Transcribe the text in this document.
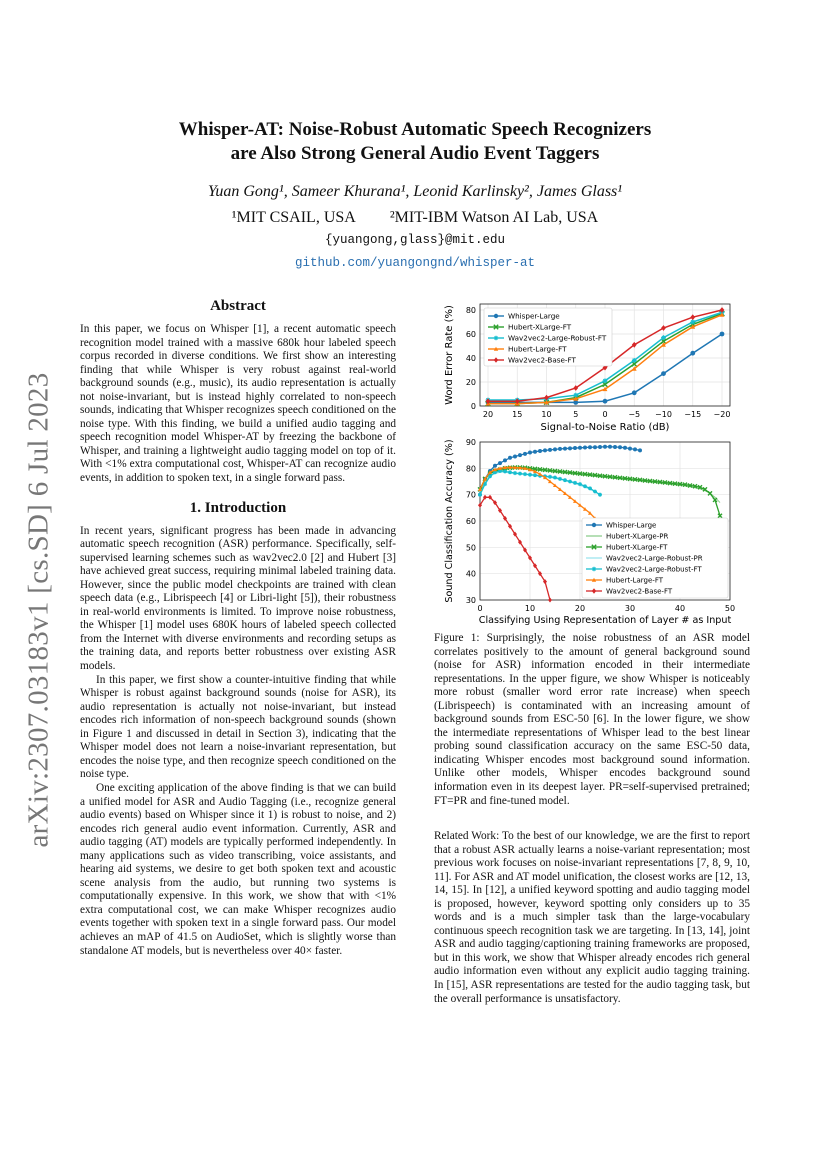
arXiv:2307.03183v1 [cs.SD] 6 Jul 2023
Whisper-AT: Noise-Robust Automatic Speech Recognizers
are Also Strong General Audio Event Taggers
Yuan Gong¹, Sameer Khurana¹, Leonid Karlinsky², James Glass¹
¹MIT CSAIL, USA ²MIT-IBM Watson AI Lab, USA
{yuangong,glass}@mit.edu
github.com/yuangongnd/whisper-at
Abstract

In this paper, we focus on Whisper [1], a recent automatic speech recognition model trained with a massive 680k hour labeled speech corpus recorded in diverse conditions. We first show an interesting finding that while Whisper is very robust against real-world background sounds (e.g., music), its audio representation is actually not noise-invariant, but is instead highly correlated to non-speech sounds, indicating that Whisper recognizes speech conditioned on the noise type. With this finding, we build a unified audio tagging and speech recognition model Whisper-AT by freezing the backbone of Whisper, and training a lightweight audio tagging model on top of it. With <1% extra computational cost, Whisper-AT can recognize audio events, in addition to spoken text, in a single forward pass.

1. Introduction

In recent years, significant progress has been made in advancing automatic speech recognition (ASR) performance. Specifically, self-supervised learning schemes such as wav2vec2.0 [2] and Hubert [3] have achieved great success, requiring minimal labeled training data. However, since the public model checkpoints are trained with clean speech data (e.g., Librispeech [4] or Libri-light [5]), their robustness in real-world environments is limited. To improve noise robustness, the Whisper [1] model uses 680K hours of labeled speech collected from the Internet with diverse environments and recording setups as the training data, and reports better robustness over existing ASR models.

In this paper, we first show a counter-intuitive finding that while Whisper is robust against background sounds (noise for ASR), its audio representation is actually not noise-invariant, but instead encodes rich information of non-speech background sounds (shown in Figure 1 and discussed in detail in Section 3), indicating that the Whisper model does not learn a noise-invariant representation, but encodes the noise type, and then recognize speech conditioned on the noise type.

One exciting application of the above finding is that we can build a unified model for ASR and Audio Tagging (i.e., recognize general audio events) based on Whisper since it 1) is robust to noise, and 2) encodes rich general audio event information. Currently, ASR and audio tagging (AT) models are typically performed independently. In many applications such as video transcribing, voice assistants, and hearing aid systems, we desire to get both spoken text and acoustic scene analysis from the audio, but running two systems is computationally expensive. In this work, we show that with <1% extra computational cost, we can make Whisper recognizes audio events together with spoken text in a single forward pass. Our model achieves an mAP of 41.5 on AudioSet, which is slightly worse than standalone AT models, but is nevertheless over 40× faster.

0
20
40
60
80
20 15 10	5	0	−5 −10 −15 −20
Signal-to-Noise Ratio (dB)
Word Error Rate (%)	Whisper-Large
Hubert-XLarge-FT
Wav2vec2-Large-Robust-FT
Hubert-Large-FT
Wav2vec2-Base-FT
30
40
50
60
70
80
90
0	10	20	30	40	50
Classifying Using Representation of Layer # as Input
Sound Classification Accuracy (%)	Whisper-Large
Hubert-XLarge-PR
Hubert-XLarge-FT
Wav2vec2-Large-Robust-PR
Wav2vec2-Large-Robust-FT
Hubert-Large-FT
Wav2vec2-Base-FT
Figure 1: Surprisingly, the noise robustness of an ASR model correlates positively to the amount of general background sound (noise for ASR) information encoded in their intermediate representations. In the upper figure, we show Whisper is noticeably more robust (smaller word error rate increase) when speech (Librispeech) is contaminated with an increasing amount of background sounds from ESC-50 [6]. In the lower figure, we show the intermediate representations of Whisper lead to the best linear probing sound classification accuracy on the same ESC-50 data, indicating Whisper encodes most background sound information. Unlike other models, Whisper encodes background sound information even in its deepest layer. PR=self-supervised pretrained; FT=PR and fine-tuned model.

Related Work: To the best of our knowledge, we are the first to report that a robust ASR actually learns a noise-variant representation; most previous work focuses on noise-invariant representations [7, 8, 9, 10, 11]. For ASR and AT model unification, the closest works are [12, 13, 14, 15]. In [12], a unified keyword spotting and audio tagging model is proposed, however, keyword spotting only considers up to 35 words and is a much simpler task than the large-vocabulary continuous speech recognition task we are targeting. In [13, 14], joint ASR and audio tagging/captioning training frameworks are proposed, but in this work, we show that Whisper already encodes rich general audio information even without any explicit audio tagging training. In [15], ASR representations are tested for the audio tagging task, but the overall performance is unsatisfactory.
